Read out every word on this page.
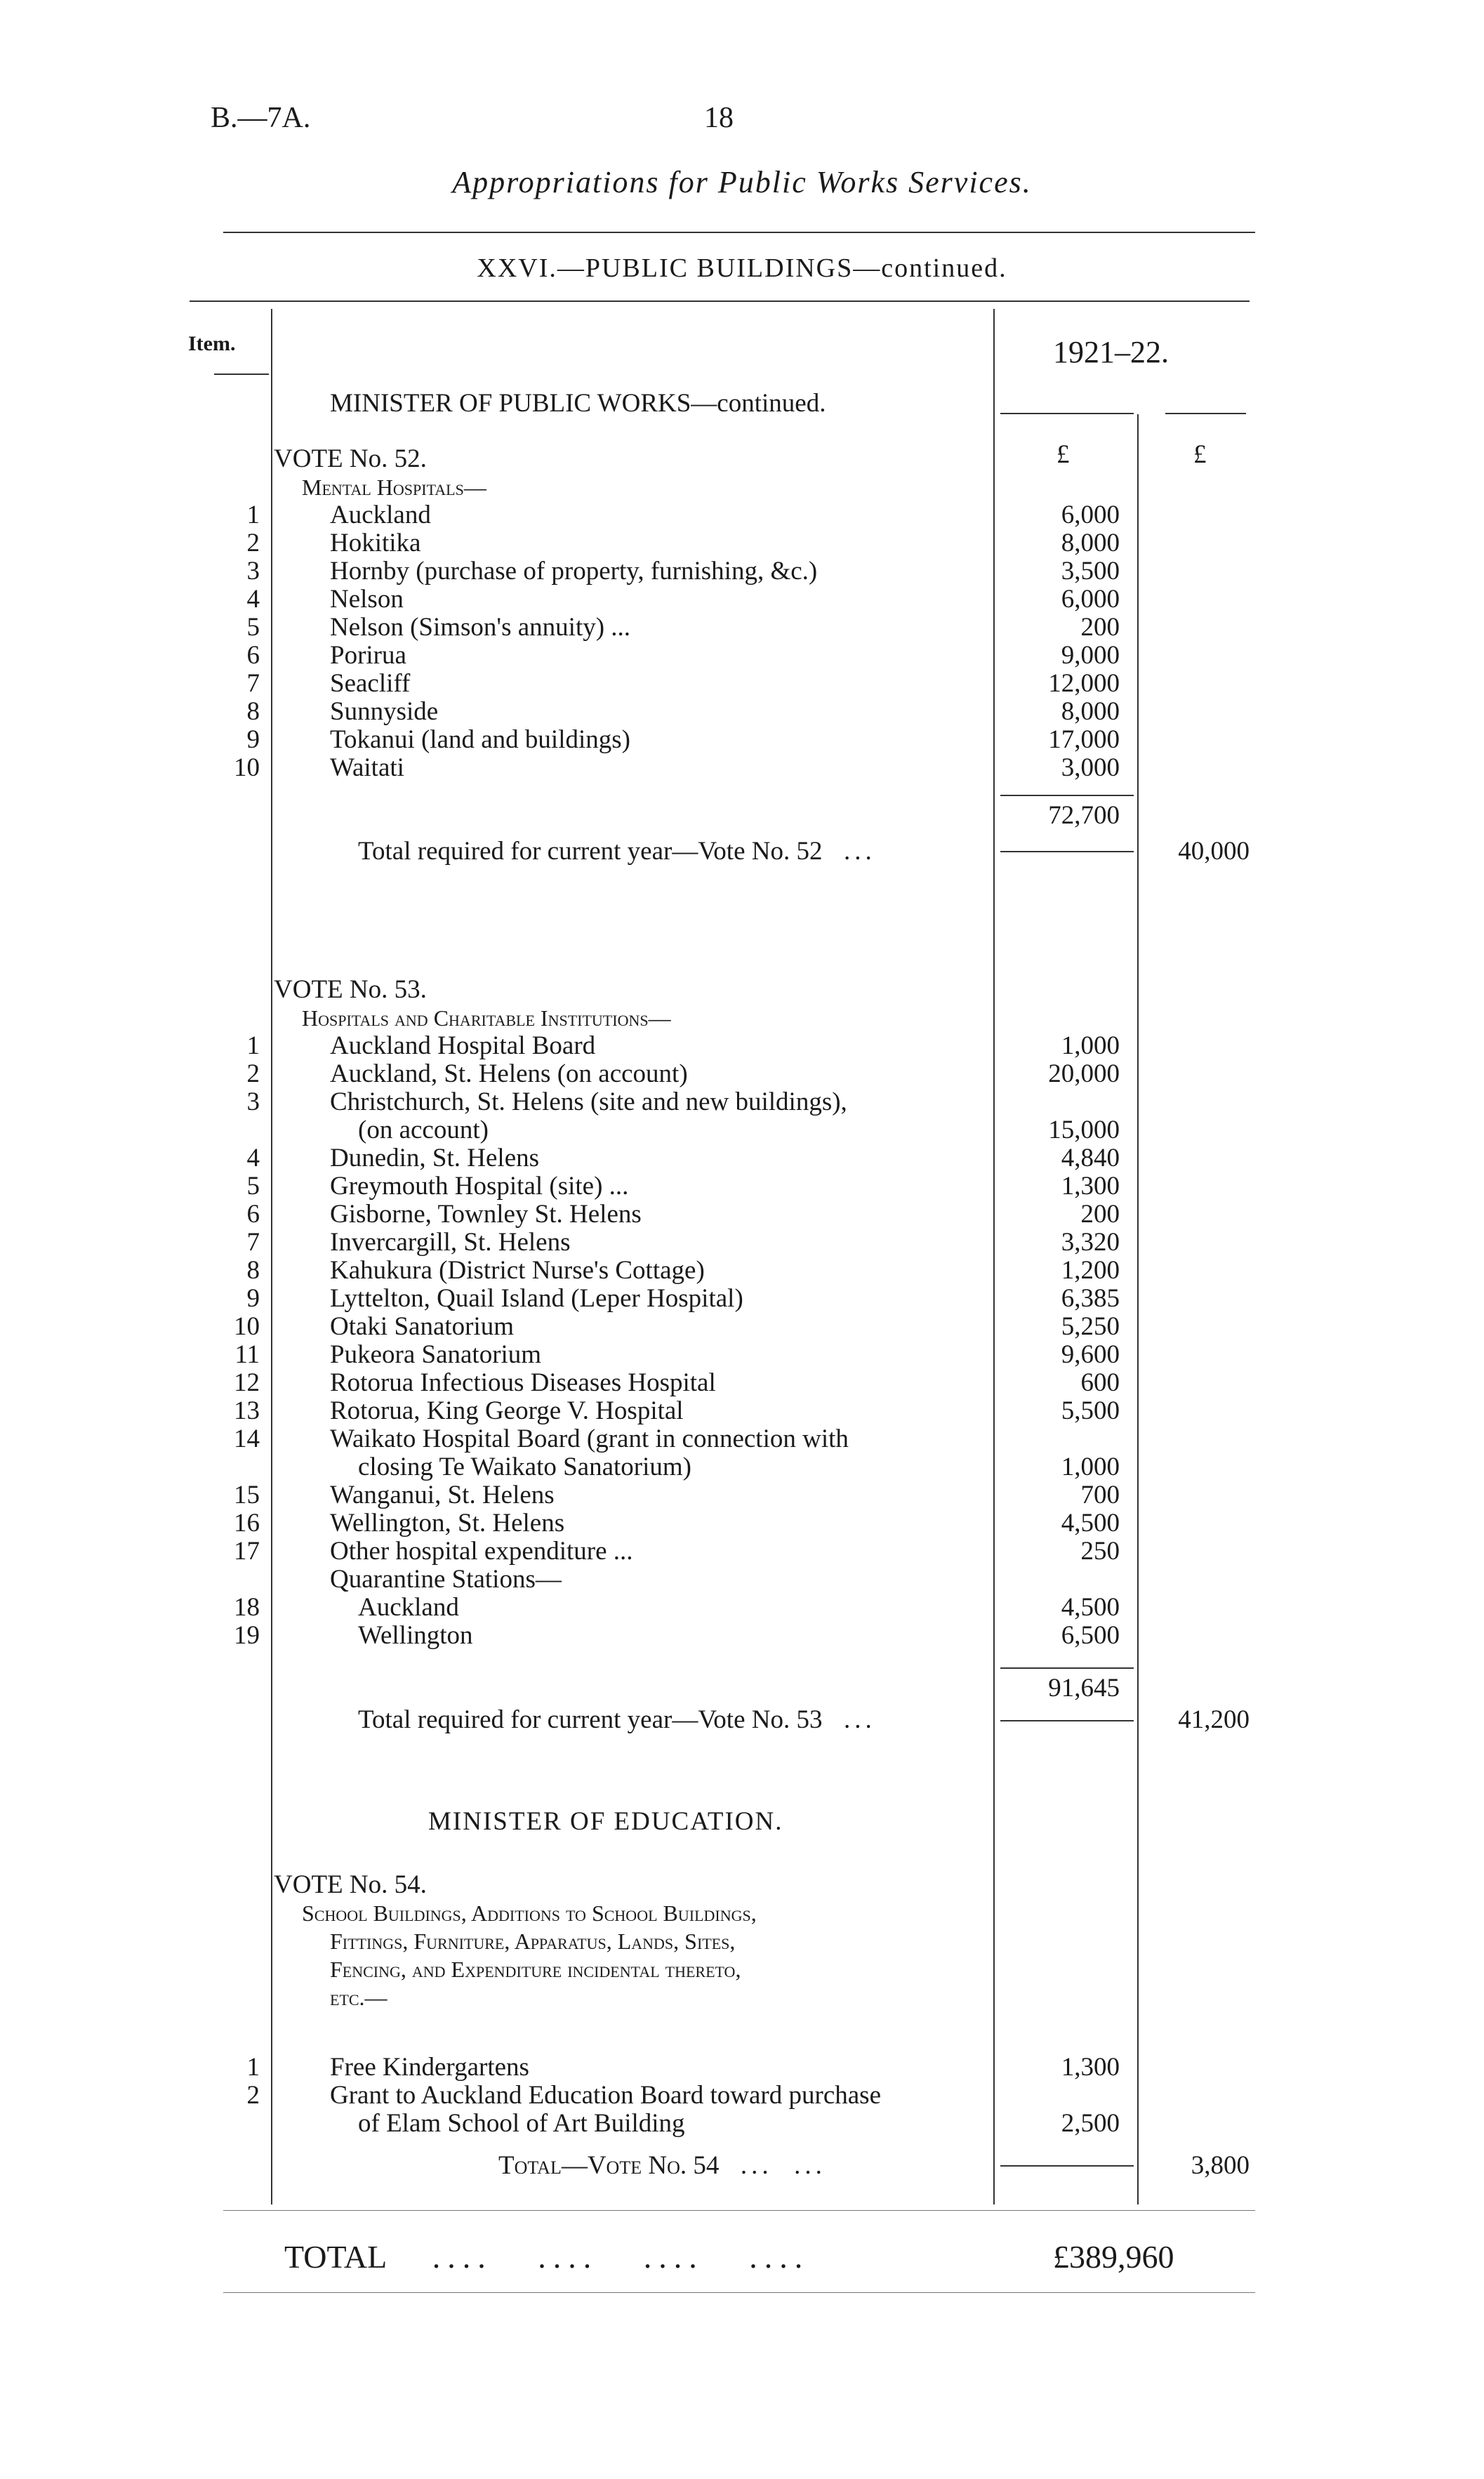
B.—7A.	18
Appropriations for Public Works Services.
XXVI.—PUBLIC BUILDINGS—continued.
Item.	1921–22.
£	£
MINISTER OF PUBLIC WORKS—continued.
VOTE No. 52.
Mental Hospitals—
1	Auckland	6,000
2	Hokitika	8,000
3	Hornby (purchase of property, furnishing, &c.)	3,500
4	Nelson	6,000
5	Nelson (Simson's annuity) ...	200
6	Porirua	9,000
7	Seacliff	12,000
8	Sunnyside	8,000
9	Tokanui (land and buildings)	17,000
10	Waitati	3,000
72,700
Total required for current year—Vote No. 52  ...	40,000
VOTE No. 53.
Hospitals and Charitable Institutions—
1	Auckland Hospital Board	1,000
2	Auckland, St. Helens (on account)	20,000
3	Christchurch, St. Helens (site and new buildings),
(on account)	15,000
4	Dunedin, St. Helens	4,840
5	Greymouth Hospital (site) ...	1,300
6	Gisborne, Townley St. Helens	200
7	Invercargill, St. Helens	3,320
8	Kahukura (District Nurse's Cottage)	1,200
9	Lyttelton, Quail Island (Leper Hospital)	6,385
10	Otaki Sanatorium	5,250
11	Pukeora Sanatorium	9,600
12	Rotorua Infectious Diseases Hospital	600
13	Rotorua, King George V. Hospital	5,500
14	Waikato Hospital Board (grant in connection with
closing Te Waikato Sanatorium)	1,000
15	Wanganui, St. Helens	700
16	Wellington, St. Helens	4,500
17	Other hospital expenditure ...	250
Quarantine Stations—
18	Auckland	4,500
19	Wellington	6,500
91,645
Total required for current year—Vote No. 53  ...	41,200
MINISTER OF EDUCATION.
VOTE No. 54.
School Buildings, Additions to School Buildings,
Fittings, Furniture, Apparatus, Lands, Sites,
Fencing, and Expenditure incidental thereto,
etc.—
1	Free Kindergartens	1,300
2	Grant to Auckland Education Board toward purchase
of Elam School of Art Building	2,500
Total—Vote No. 54  ...  ...	3,800
TOTAL   ....   ....   ....   ....	£389,960
